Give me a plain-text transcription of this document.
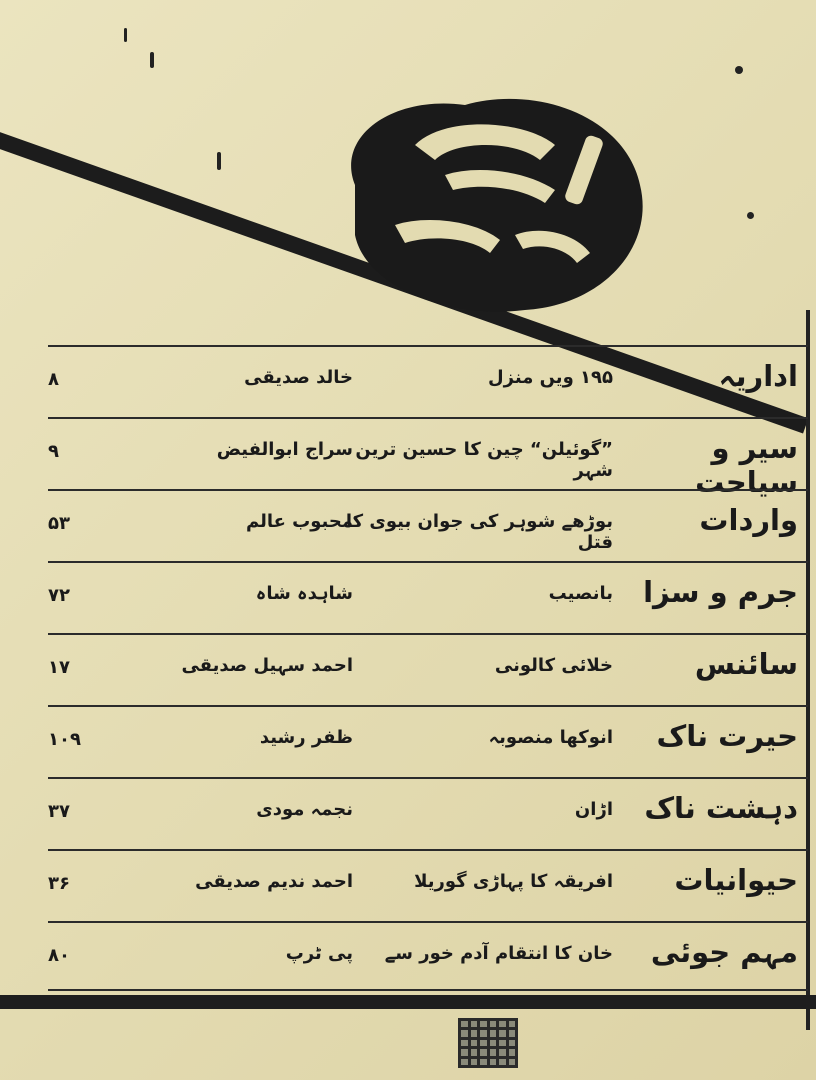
اداریہ
۱۹۵ ویں منزل
خالد صدیقی
۸
سیر و سیاحت
”گوئیلن“ چین کا حسین ترین شہر
سراج ابوالفیض
۹
واردات
بوڑھے شوہر کی جوان بیوی کا قتل
محبوب عالم
۵۳
جرم و سزا
بانصیب
شاہدہ شاہ
۷۲
سائنس
خلائی کالونی
احمد سہیل صدیقی
۱۷
حیرت ناک
انوکھا منصوبہ
ظفر رشید
۱۰۹
دہشت ناک
اڑان
نجمہ مودی
۳۷
حیوانیات
افریقہ کا پہاڑی گوریلا
احمد ندیم صدیقی
۳۶
مہم جوئی
خان کا انتقام آدم خور سے
پی ٹرپ
۸۰
